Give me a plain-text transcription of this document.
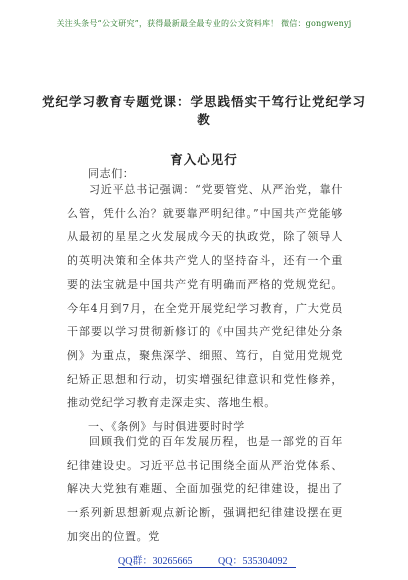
关注头条号“公文研究”，获得最新最全最专业的公文资料库！ 微信：gongwenyj
党纪学习教育专题党课：学思践悟实干笃行让党纪学习教
育入心见行
同志们：
习近平总书记强调：“党要管党、从严治党，靠什么管，凭什么治？就要靠严明纪律。”中国共产党能够从最初的星星之火发展成今天的执政党，除了领导人的英明决策和全体共产党人的坚持奋斗，还有一个重要的法宝就是中国共产党有明确而严格的党规党纪。今年4月到7月，在全党开展党纪学习教育，广大党员干部要以学习贯彻新修订的《中国共产党纪律处分条例》为重点，聚焦深学、细照、笃行，自觉用党规党纪矫正思想和行动，切实增强纪律意识和党性修养，推动党纪学习教育走深走实、落地生根。
一、《条例》与时俱进要时时学
回顾我们党的百年发展历程，也是一部党的百年纪律建设史。习近平总书记围绕全面从严治党体系、解决大党独有难题、全面加强党的纪律建设，提出了一系列新思想新观点新论断，强调把纪律建设摆在更加突出的位置。党
QQ群：30265665	QQ：535304092
